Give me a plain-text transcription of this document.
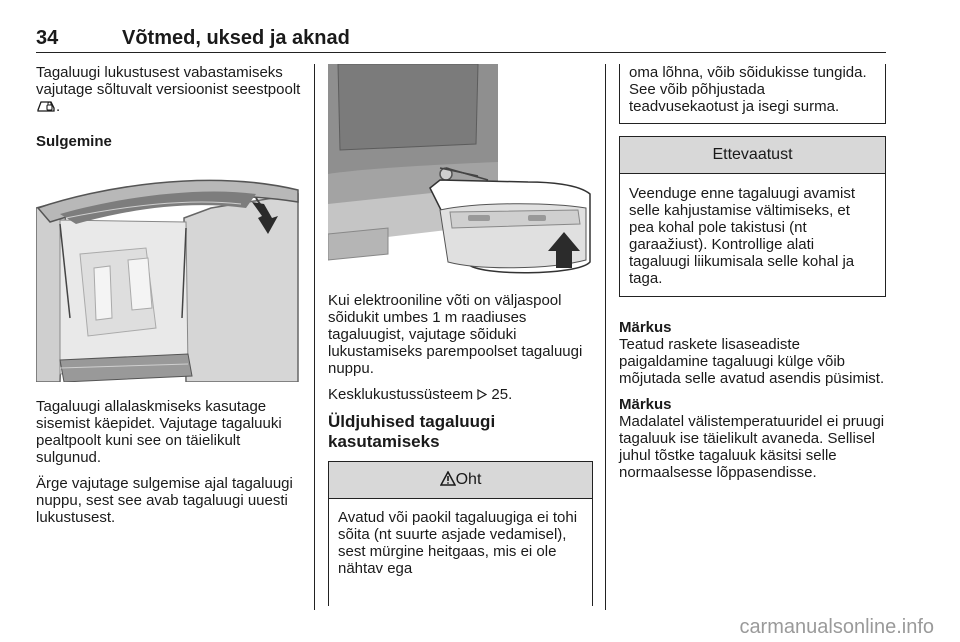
34	Võtmed, uksed ja aknad

Tagaluugi lukustusest vabastamiseks vajutage sõltuvalt versioonist seestpoolt .

Sulgemine

Tagaluugi allalaskmiseks kasutage sisemist käepidet. Vajutage tagaluuki pealtpoolt kuni see on täielikult sulgunud.

Ärge vajutage sulgemise ajal tagaluugi nuppu, sest see avab tagaluugi uuesti lukustusest.

Kui elektrooniline võti on väljaspool sõidukit umbes 1 m raadiuses tagaluugist, vajutage sõiduki lukustamiseks parempoolset tagaluugi nuppu.

Kesklukustussüsteem 25.

Üldjuhised tagaluugi kasutamiseks

Oht
Avatud või paokil tagaluugiga ei tohi sõita (nt suurte asjade vedamisel), sest mürgine heitgaas, mis ei ole nähtav ega
oma lõhna, võib sõidukisse tungida. See võib põhjustada teadvusekaotust ja isegi surma.
Ettevaatust
Veenduge enne tagaluugi avamist selle kahjustamise vältimiseks, et pea kohal pole takistusi (nt garaažiust). Kontrollige alati tagaluugi liikumisala selle kohal ja taga.

Märkus

Teatud raskete lisaseadiste paigaldamine tagaluugi külge võib mõjutada selle avatud asendis püsimist.

Märkus

Madalatel välistemperatuuridel ei pruugi tagaluuk ise täielikult avaneda. Sellisel juhul tõstke tagaluuk käsitsi selle normaalsesse lõppasendisse.

carmanualsonline.info
